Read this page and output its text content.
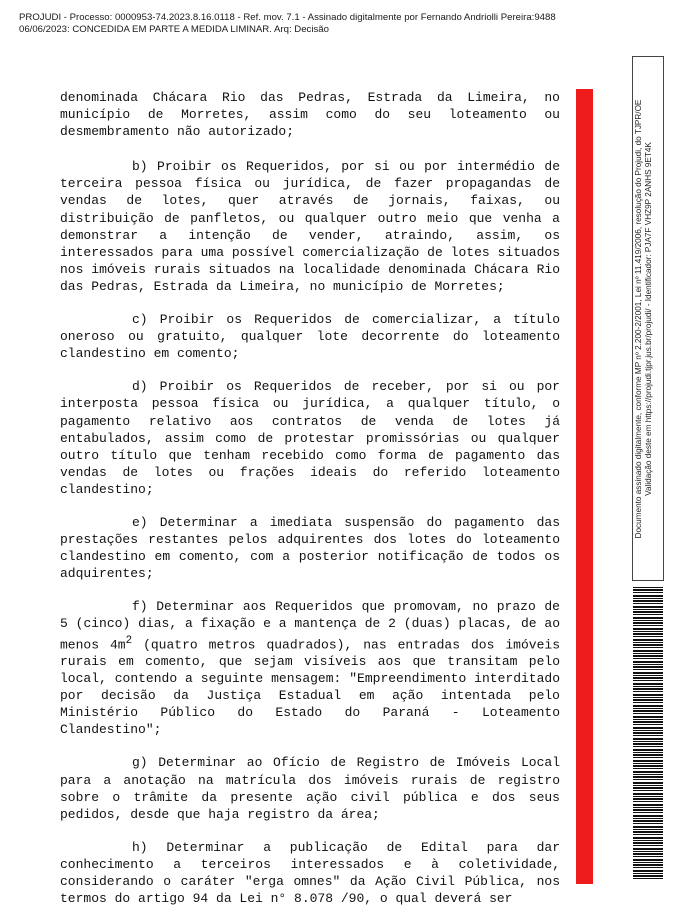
PROJUDI - Processo: 0000953-74.2023.8.16.0118 - Ref. mov. 7.1 - Assinado digitalmente por Fernando Andriolli Pereira:9488
06/06/2023: CONCEDIDA EM PARTE A MEDIDA LIMINAR. Arq: Decisão

denominada Chácara Rio das Pedras, Estrada da Limeira, no município de Morretes, assim como do seu loteamento ou desmembramento não autorizado;

b) Proibir os Requeridos, por si ou por intermédio de terceira pessoa física ou jurídica, de fazer propagandas de vendas de lotes, quer através de jornais, faixas, ou distribuição de panfletos, ou qualquer outro meio que venha a demonstrar a intenção de vender, atraindo, assim, os interessados para uma possível comercialização de lotes situados nos imóveis rurais situados na localidade denominada Chácara Rio das Pedras, Estrada da Limeira, no município de Morretes;

c) Proibir os Requeridos de comercializar, a título oneroso ou gratuito, qualquer lote decorrente do loteamento clandestino em comento;

d) Proibir os Requeridos de receber, por si ou por interposta pessoa física ou jurídica, a qualquer título, o pagamento relativo aos contratos de venda de lotes já entabulados, assim como de protestar promissórias ou qualquer outro título que tenham recebido como forma de pagamento das vendas de lotes ou frações ideais do referido loteamento clandestino;

e) Determinar a imediata suspensão do pagamento das prestações restantes pelos adquirentes dos lotes do loteamento clandestino em comento, com a posterior notificação de todos os adquirentes;

f) Determinar aos Requeridos que promovam, no prazo de 5 (cinco) dias, a fixação e a mantença de 2 (duas) placas, de ao menos $4m^2$ (quatro metros quadrados), nas entradas dos imóveis rurais em comento, que sejam visíveis aos que transitam pelo local, contendo a seguinte mensagem: "Empreendimento interditado por decisão da Justiça Estadual em ação intentada pelo Ministério Público do Estado do Paraná - Loteamento Clandestino";

g) Determinar ao Ofício de Registro de Imóveis Local para a anotação na matrícula dos imóveis rurais de registro sobre o trâmite da presente ação civil pública e dos seus pedidos, desde que haja registro da área;

h) Determinar a publicação de Edital para dar conhecimento a terceiros interessados e à coletividade, considerando o caráter "erga omnes" da Ação Civil Pública, nos termos do artigo 94 da Lei n° 8.078 /90, o qual deverá ser

Documento assinado digitalmente, conforme MP nº 2.200-2/2001, Lei nº 11.419/2006, resolução do Projudi, do TJPR/OE Validação deste em https://projudi.tjpr.jus.br/projudi/ - Identificador: PJA7F VHZ9P 2ANHS 9ET4K
